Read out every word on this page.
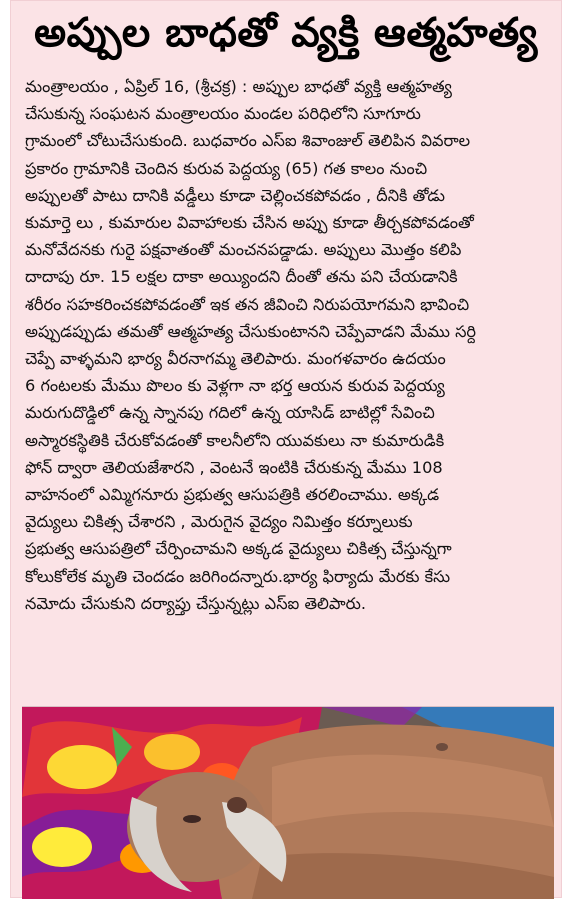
అప్పుల బాధతో వ్యక్తి ఆత్మహత్య
మంత్రాలయం , ఏప్రిల్ 16, (శ్రీచక్ర) : అప్పుల బాధతో వ్యక్తి ఆత్మహత్య
చేసుకున్న సంఘటన మంత్రాలయం మండల పరిధిలోని సూగూరు
గ్రామంలో చోటుచేసుకుంది. బుధవారం ఎస్ఐ శివాంజుల్ తెలిపిన వివరాల
ప్రకారం గ్రామానికి చెందిన కురువ పెద్దయ్య (65) గత కాలం నుంచి
అప్పులతో పాటు దానికి వడ్డీలు కూడా చెల్లించకపోవడం , దీనికి తోడు
కుమార్తె లు , కుమారుల వివాహాలకు చేసిన అప్పు కూడా తీర్చకపోవడంతో
మనోవేదనకు గురై పక్షవాతంతో మంచనపడ్డాడు. అప్పులు మొత్తం కలిపి
దాదాపు రూ. 15 లక్షల దాకా అయ్యిందని దీంతో తను పని చేయడానికి
శరీరం సహకరించకపోవడంతో ఇక తన జీవించి నిరుపయోగమని భావించి
అప్పుడప్పుడు తమతో ఆత్మహత్య చేసుకుంటానని చెప్పేవాడని మేము సర్ది
చెప్పే వాళ్ళమని భార్య వీరనాగమ్మ తెలిపారు. మంగళవారం ఉదయం
6 గంటలకు మేము పొలం కు వెళ్లగా నా భర్త ఆయన కురువ పెద్దయ్య
మరుగుదొడ్డిలో ఉన్న స్నానపు గదిలో ఉన్న యాసిడ్ బాటిల్లో సేవించి
అస్మారకస్థితికి చేరుకోవడంతో కాలనీలోని యువకులు నా కుమారుడికి
ఫోన్ ద్వారా తెలియజేశారని , వెంటనే ఇంటికి చేరుకున్న మేము 108
వాహనంలో ఎమ్మిగనూరు ప్రభుత్వ ఆసుపత్రికి తరలించాము. అక్కడ
వైద్యులు చికిత్స చేశారని , మెరుగైన వైద్యం నిమిత్తం కర్నూలుకు
ప్రభుత్వ ఆసుపత్రిలో చేర్పించామని అక్కడ వైద్యులు చికిత్స చేస్తున్నగా
కోలుకోలేక మృతి చెందడం జరిగిందన్నారు.భార్య ఫిర్యాదు మేరకు కేసు
నమోదు చేసుకుని దర్యాప్తు చేస్తున్నట్లు ఎస్ఐ తెలిపారు.
